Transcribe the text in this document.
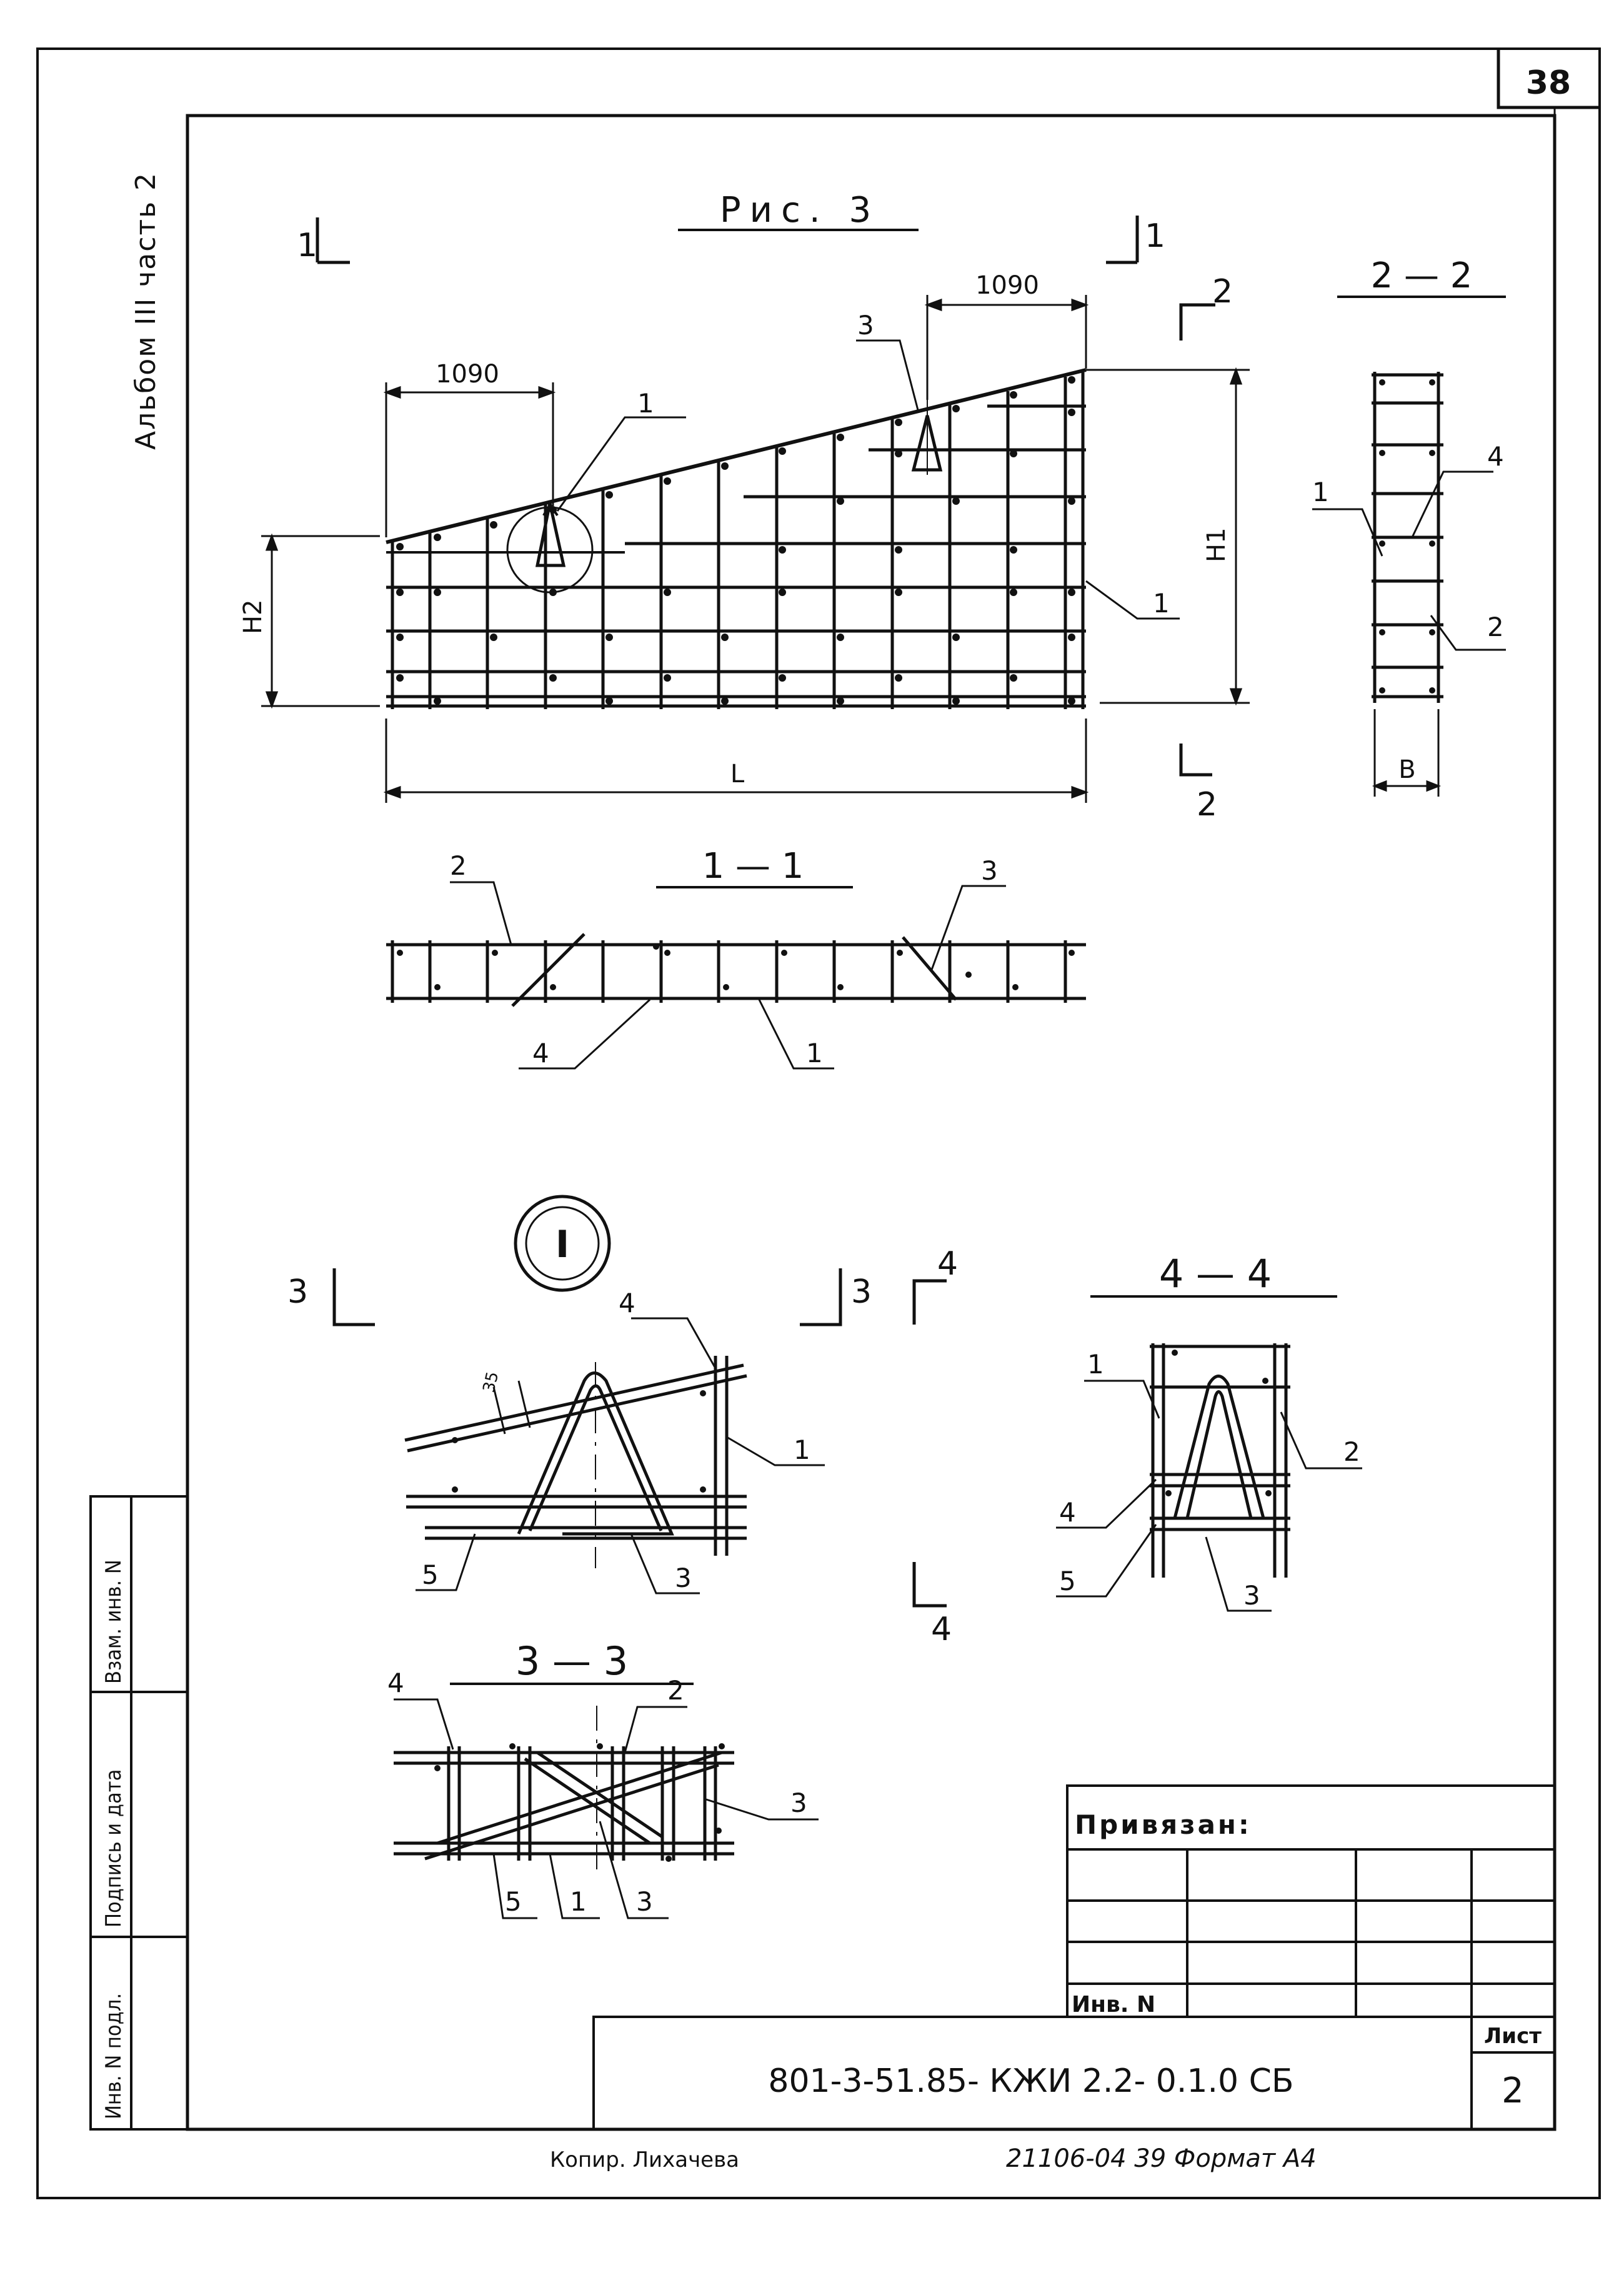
38
Альбом III часть 2
Инв. N подл.
Подпись и дата
Взам. инв. N
Рис. 3
1	1
1090
1090
H1
H2
L
1
3
1
2
2
2 — 2
B
1
4
2
1 — 1
2
4	1
3
I
3	3
4
4
35
4
1
5	3
4 — 4
1
2
4
5	3
3 — 3
4	2
3
5 1 3
Привязан:
Инв. N
801-3-51.85- КЖИ 2.2- 0.1.0 СБ
Лист
2
Копир. Лихачева	21106-04 39 Формат А4
